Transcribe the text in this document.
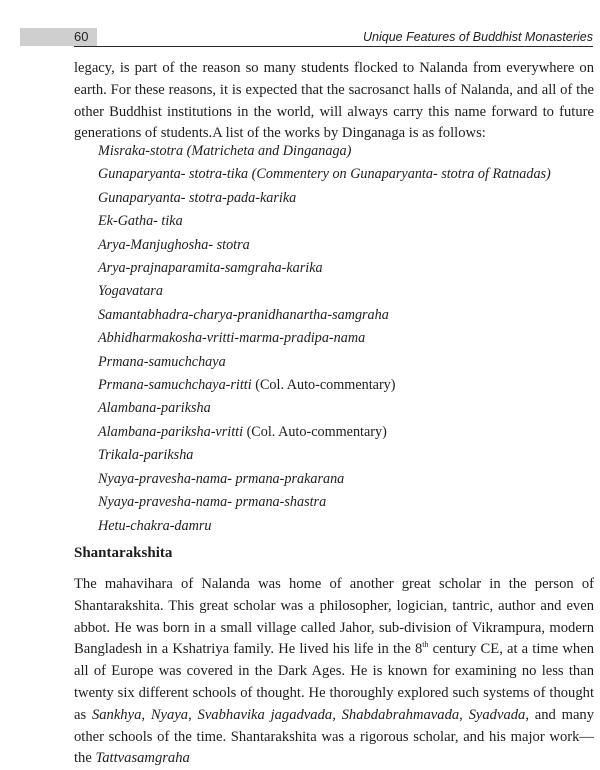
60	Unique Features of Buddhist Monasteries

legacy, is part of the reason so many students flocked to Nalanda from everywhere on earth. For these reasons, it is expected that the sacrosanct halls of Nalanda, and all of the other Buddhist institutions in the world, will always carry this name forward to future generations of students.A list of the works by Dinganaga is as follows:

Misraka-stotra (Matricheta and Dinganaga)
Gunaparyanta- stotra-tika (Commentery on Gunaparyanta- stotra of Ratnadas)
Gunaparyanta- stotra-pada-karika
Ek-Gatha- tika
Arya-Manjughosha- stotra
Arya-prajnaparamita-samgraha-karika
Yogavatara
Samantabhadra-charya-pranidhanartha-samgraha
Abhidharmakosha-vritti-marma-pradipa-nama
Prmana-samuchchaya
Prmana-samuchchaya-ritti (Col. Auto-commentary)
Alambana-pariksha
Alambana-pariksha-vritti (Col. Auto-commentary)
Trikala-pariksha
Nyaya-pravesha-nama- prmana-prakarana
Nyaya-pravesha-nama- prmana-shastra
Hetu-chakra-damru
Shantarakshita

The mahavihara of Nalanda was home of another great scholar in the person of Shantarakshita. This great scholar was a philosopher, logician, tantric, author and even abbot. He was born in a small village called Jahor, sub-division of Vikrampura, modern Bangladesh in a Kshatriya family. He lived his life in the 8th century CE, at a time when all of Europe was covered in the Dark Ages. He is known for examining no less than twenty six different schools of thought. He thoroughly explored such systems of thought as Sankhya, Nyaya, Svabhavika jagadvada, Shabdabrahmavada, Syadvada, and many other schools of the time. Shantarakshita was a rigorous scholar, and his major work—the Tattvasamgraha
